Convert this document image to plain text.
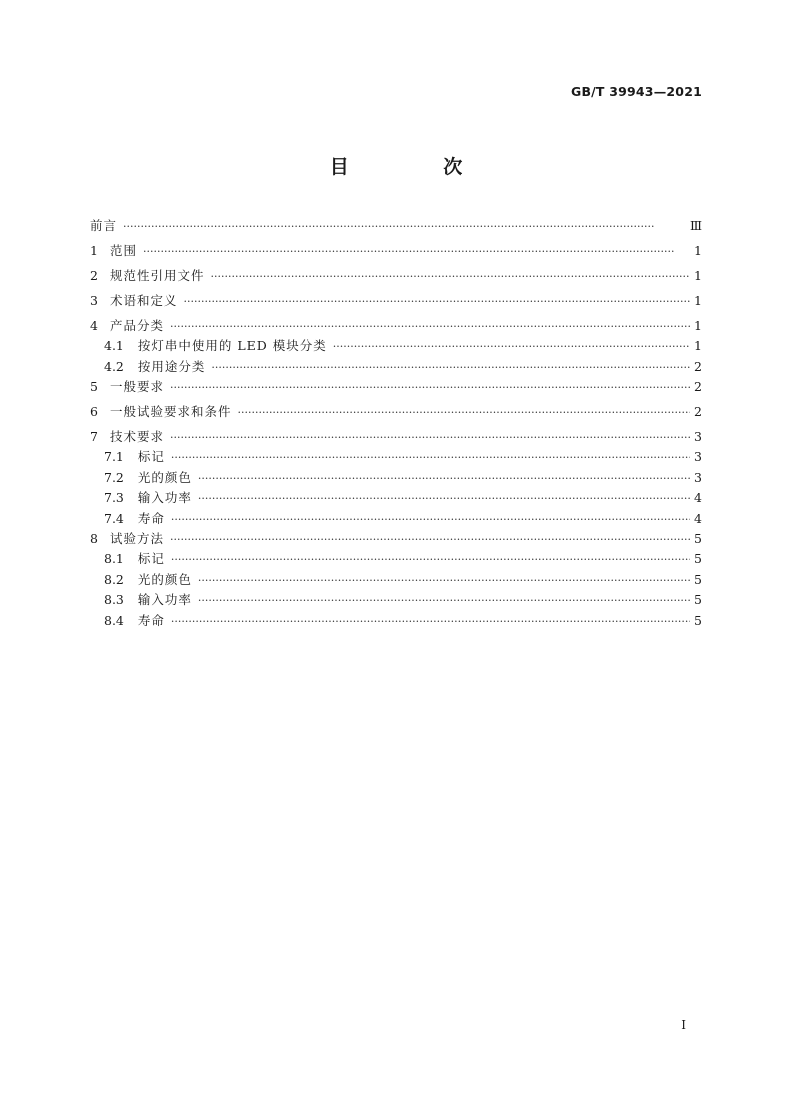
GB/T 39943—2021
目 次
前言 ·····	Ⅲ
1 范围 ·····	1
2 规范性引用文件 ·····	1
3 术语和定义 ·····	1
4 产品分类 ·····	1
4.1 按灯串中使用的 LED 模块分类 ·····	1
4.2 按用途分类 ·····	2
5 一般要求 ·····	2
6 一般试验要求和条件 ·····	2
7 技术要求 ·····	3
7.1 标记 ·····	3
7.2 光的颜色 ·····	3
7.3 输入功率 ·····	4
7.4 寿命 ·····	4
8 试验方法 ·····	5
8.1 标记 ·····	5
8.2 光的颜色 ·····	5
8.3 输入功率 ·····	5
8.4 寿命 ·····	5
I
